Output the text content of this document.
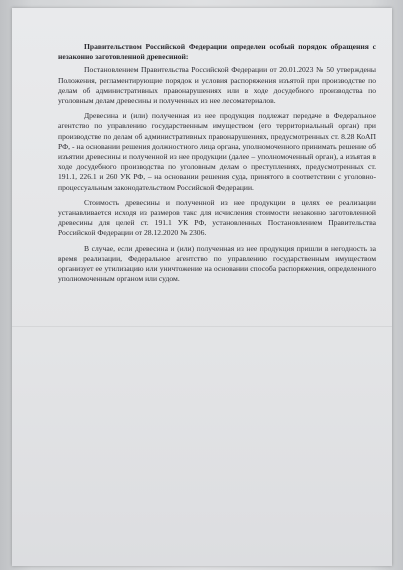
Правительством Российской Федерации определен особый порядок обращения с незаконно заготовленной древесиной:

Постановлением Правительства Российской Федерации от 20.01.2023 № 50 утверждены Положения, регламентирующие порядок и условия распоряжения изъятой при производстве по делам об административных правонарушениях или в ходе досудебного производства по уголовным делам древесины и полученных из нее лесоматериалов.

Древесина и (или) полученная из нее продукция подлежат передаче в Федеральное агентство по управлению государственным имуществом (его территориальный орган) при производстве по делам об административных правонарушениях, предусмотренных ст. 8.28 КоАП РФ, - на основании решения должностного лица органа, уполномоченного принимать решение об изъятии древесины и полученной из нее продукции (далее – уполномоченный орган), а изъятая в ходе досудебного производства по уголовным делам о преступлениях, предусмотренных ст. 191.1, 226.1 и 260 УК РФ, – на основании решения суда, принятого в соответствии с уголовно-процессуальным законодательством Российской Федерации.

Стоимость древесины и полученной из нее продукции в целях ее реализации устанавливается исходя из размеров такс для исчисления стоимости незаконно заготовленной древесины для целей ст. 191.1 УК РФ, установленных Постановлением Правительства Российской Федерации от 28.12.2020 № 2306.

В случае, если древесина и (или) полученная из нее продукция пришли в негодность за время реализации, Федеральное агентство по управлению государственным имуществом организует ее утилизацию или уничтожение на основании способа распоряжения, определенного уполномоченным органом или судом.
